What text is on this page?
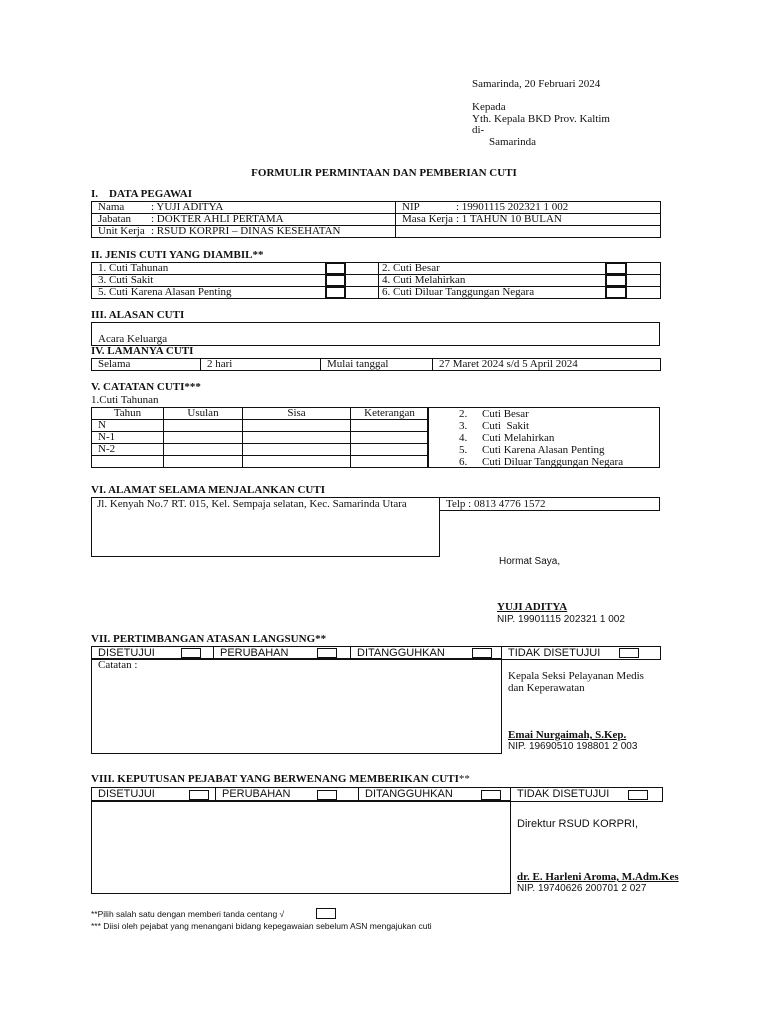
Samarinda, 20 Februari 2024
Kepada
Yth. Kepala BKD Prov. Kaltim
di-
Samarinda
FORMULIR PERMINTAAN DAN PEMBERIAN CUTI
I. DATA PEGAWAI
Nama : YUJI ADITYA	NIP : 19901115 202321 1 002
Jabatan : DOKTER AHLI PERTAMA	Masa Kerja : 1 TAHUN 10 BULAN
Unit Kerja : RSUD KORPRI – DINAS KESEHATAN	
II. JENIS CUTI YANG DIAMBIL**
1. Cuti Tahunan			2. Cuti Besar	

3. Cuti Sakit			4. Cuti Melahirkan	

5. Cuti Karena Alasan Penting			6. Cuti Diluar Tanggungan Negara	

III. ALASAN CUTI
Acara Keluarga
IV. LAMANYA CUTI
Selama	2 hari	Mulai tanggal	27 Maret 2024 s/d 5 April 2024
V. CATATAN CUTI***
1.Cuti Tahunan
Tahun	Usulan	Sisa	Keterangan
N			
N-1			
N-2			

2. Cuti Besar
3. Cuti  Sakit
4. Cuti Melahirkan
5. Cuti Karena Alasan Penting
6. Cuti Diluar Tanggungan Negara
VI. ALAMAT SELAMA MENJALANKAN CUTI
Jl. Kenyah No.7 RT. 015, Kel. Sempaja selatan, Kec. Samarinda Utara	Telp : 0813 4776 1572
Hormat Saya,
YUJI ADITYA
NIP. 19901115 202321 1 002
VII. PERTIMBANGAN ATASAN LANGSUNG**
DISETUJUI	PERUBAHAN	DITANGGUHKAN	TIDAK DISETUJUI
Catatan :
Kepala Seksi Pelayanan Medis dan Keperawatan
Emai Nurgaimah, S.Kep.
NIP. 19690510 198801 2 003
VIII. KEPUTUSAN PEJABAT YANG BERWENANG MEMBERIKAN CUTI**
DISETUJUI	PERUBAHAN	DITANGGUHKAN	TIDAK DISETUJUI
Direktur RSUD KORPRI,
dr. E. Harleni Aroma, M.Adm.Kes
NIP. 19740626 200701 2 027
**Pilih salah satu dengan memberi tanda centang √
*** Diisi oleh pejabat yang menangani bidang kepegawaian sebelum ASN mengajukan cuti
